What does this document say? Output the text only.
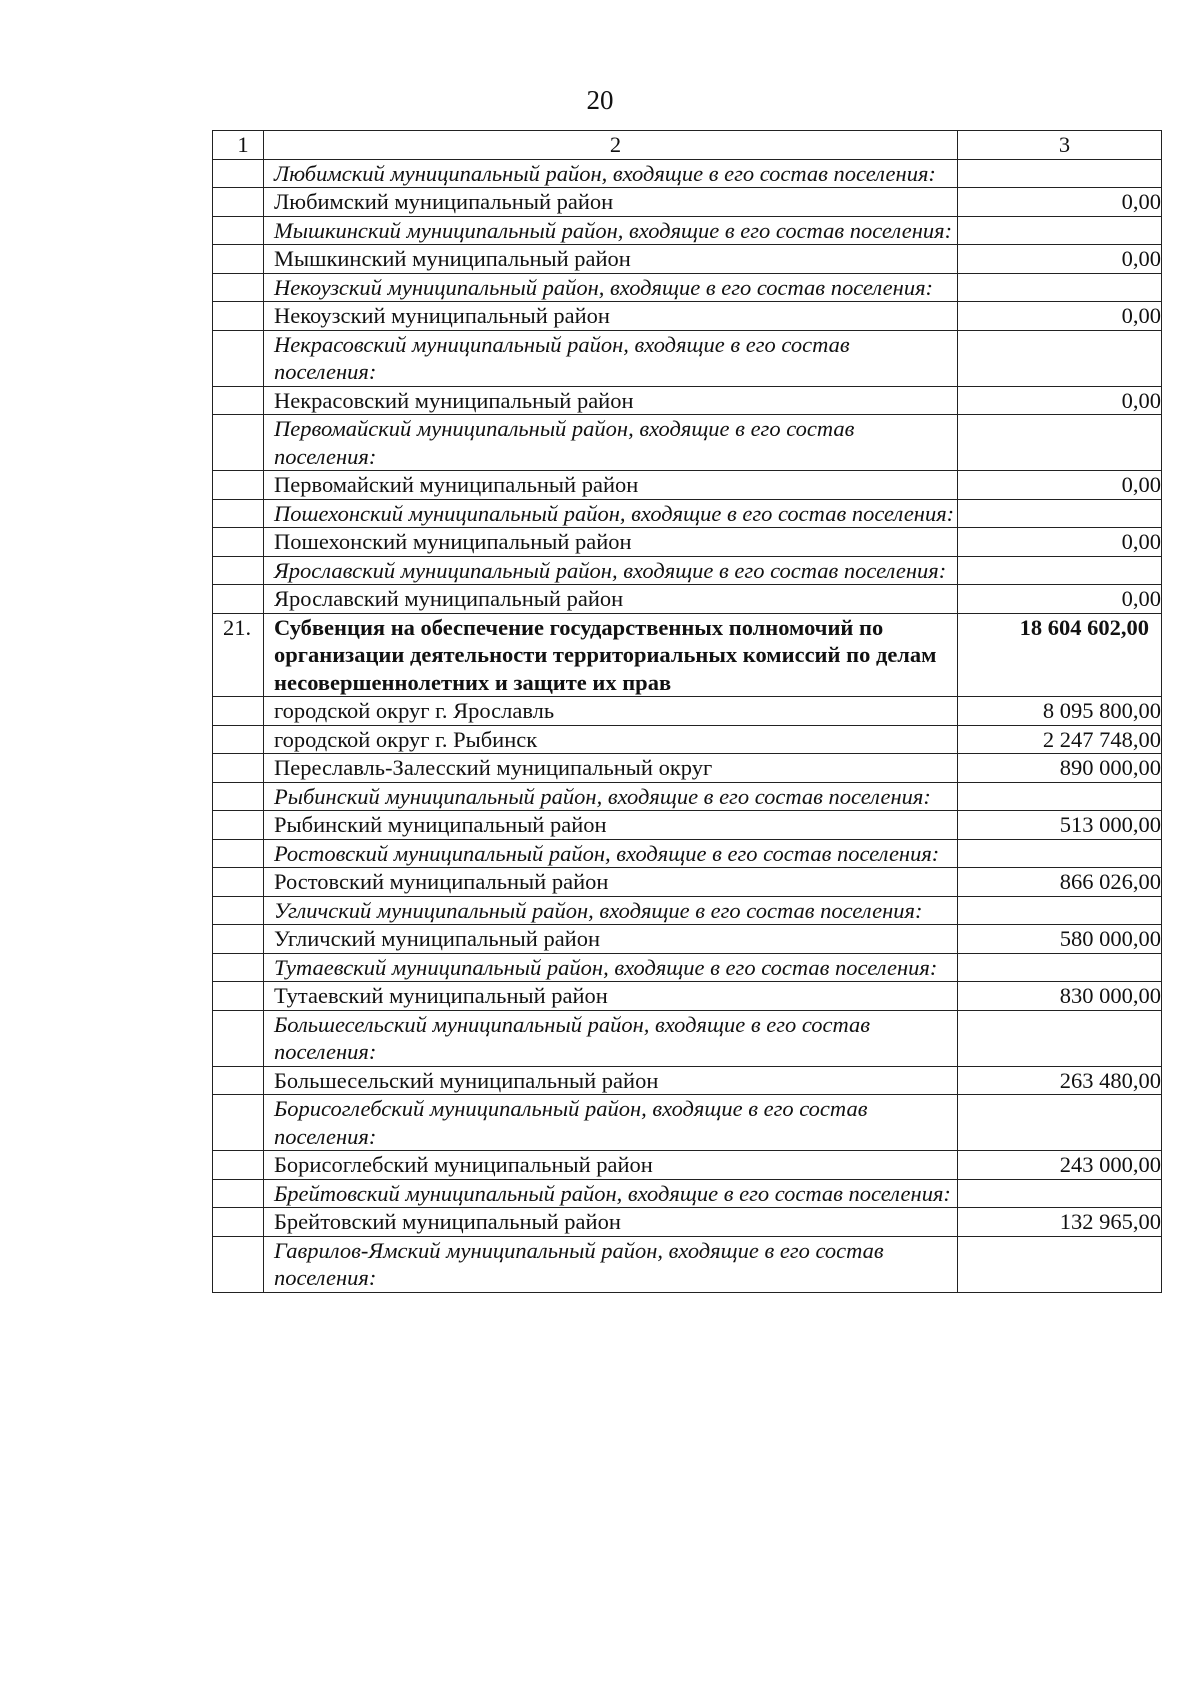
20
1	2	3
	Любимский муниципальный район, входящие в его состав поселения:	
	Любимский муниципальный район	0,00
	Мышкинский муниципальный район, входящие в его состав поселения:	
	Мышкинский муниципальный район	0,00
	Некоузский муниципальный район, входящие в его состав поселения:	
	Некоузский муниципальный район	0,00
	Некрасовский муниципальный район, входящие в его состав поселения:	
	Некрасовский муниципальный район	0,00
	Первомайский муниципальный район, входящие в его состав поселения:	
	Первомайский муниципальный район	0,00
	Пошехонский муниципальный район, входящие в его состав поселения:	
	Пошехонский муниципальный район	0,00
	Ярославский муниципальный район, входящие в его состав поселения:	
	Ярославский муниципальный район	0,00
21.	Субвенция на обеспечение государственных полномочий по организации деятельности территориальных комиссий по делам несовершеннолетних и защите их прав	18 604 602,00
	городской округ г. Ярославль	8 095 800,00
	городской округ г. Рыбинск	2 247 748,00
	Переславль-Залесский муниципальный округ	890 000,00
	Рыбинский муниципальный район, входящие в его состав поселения:	
	Рыбинский муниципальный район	513 000,00
	Ростовский муниципальный район, входящие в его состав поселения:	
	Ростовский муниципальный район	866 026,00
	Угличский муниципальный район, входящие в его состав поселения:	
	Угличский муниципальный район	580 000,00
	Тутаевский муниципальный район, входящие в его состав поселения:	
	Тутаевский муниципальный район	830 000,00
	Большесельский муниципальный район, входящие в его состав поселения:	
	Большесельский муниципальный район	263 480,00
	Борисоглебский муниципальный район, входящие в его состав поселения:	
	Борисоглебский муниципальный район	243 000,00
	Брейтовский муниципальный район, входящие в его состав поселения:	
	Брейтовский муниципальный район	132 965,00
	Гаврилов-Ямский муниципальный район, входящие в его состав поселения:	
